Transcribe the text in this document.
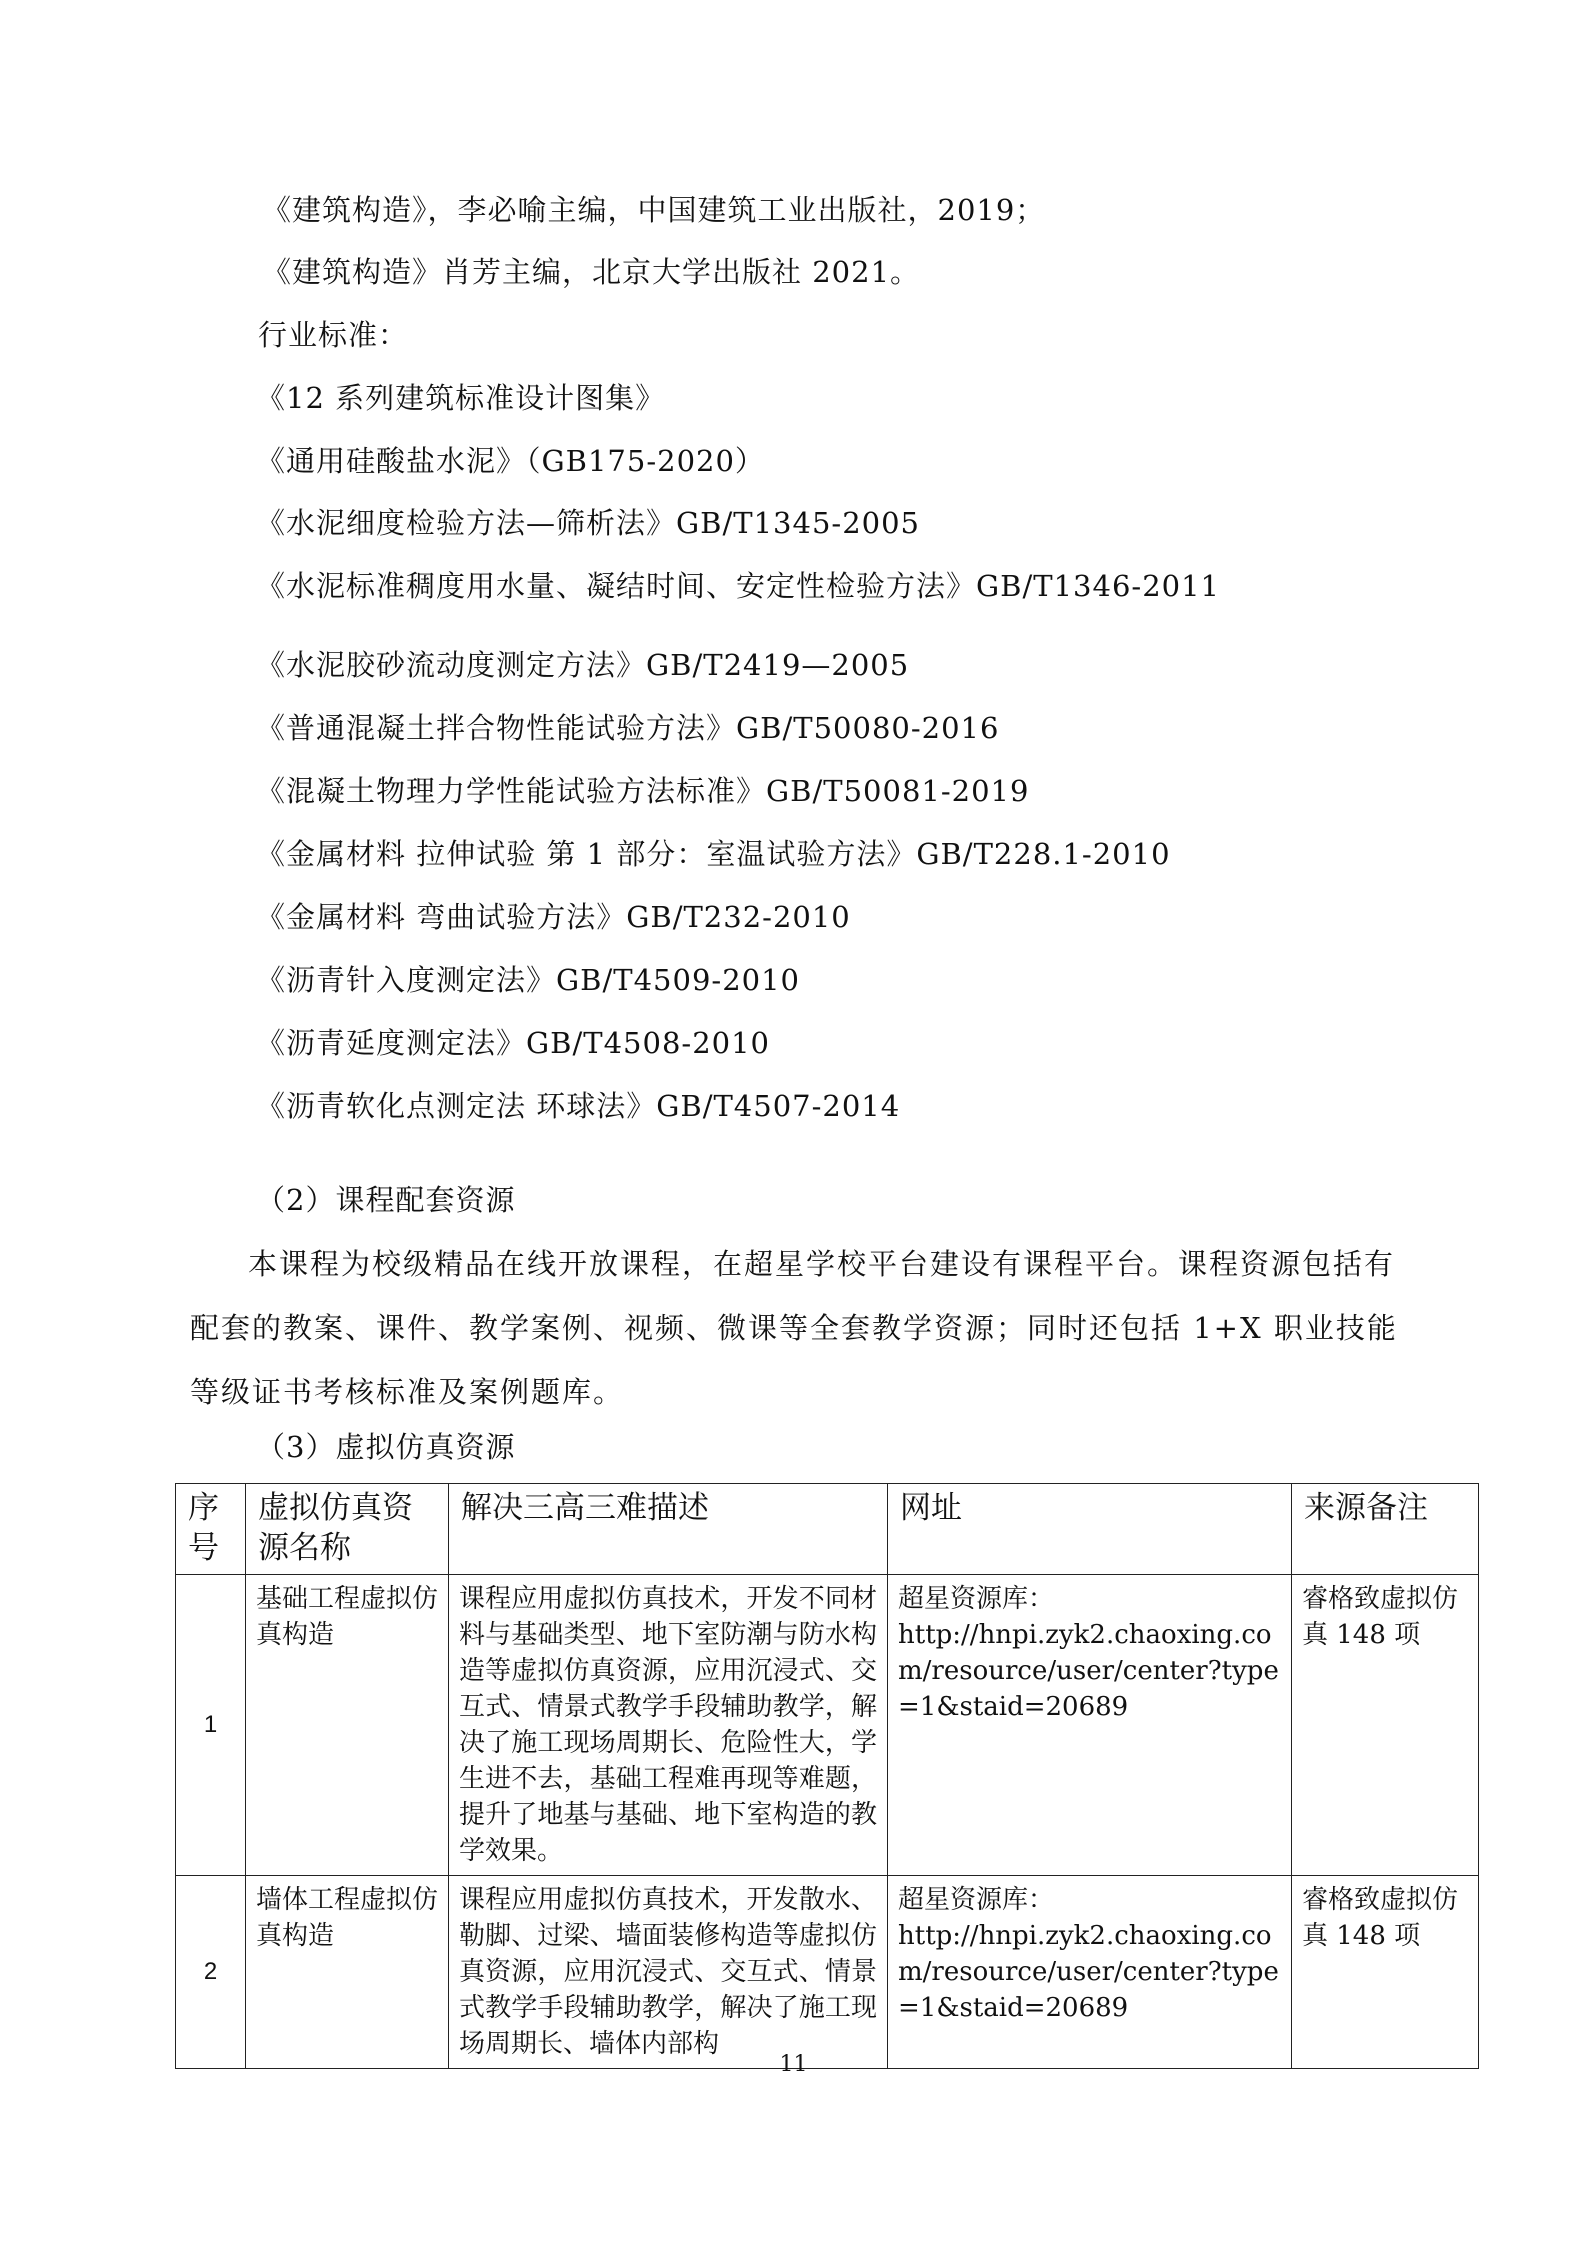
《建筑构造》，李必喻主编，中国建筑工业出版社，2019；
《建筑构造》肖芳主编，北京大学出版社 2021。
行业标准：
《12 系列建筑标准设计图集》
《通用硅酸盐水泥》（GB175-2020）
《水泥细度检验方法—筛析法》GB/T1345-2005
《水泥标准稠度用水量、凝结时间、安定性检验方法》GB/T1346-2011
《水泥胶砂流动度测定方法》GB/T2419—2005
《普通混凝土拌合物性能试验方法》GB/T50080-2016
《混凝土物理力学性能试验方法标准》GB/T50081-2019
《金属材料 拉伸试验 第 1 部分：室温试验方法》GB/T228.1-2010
《金属材料 弯曲试验方法》GB/T232-2010
《沥青针入度测定法》GB/T4509-2010
《沥青延度测定法》GB/T4508-2010
《沥青软化点测定法 环球法》GB/T4507-2014
（2）课程配套资源
本课程为校级精品在线开放课程，在超星学校平台建设有课程平台。课程资源包括有配套的教案、课件、教学案例、视频、微课等全套教学资源；同时还包括 1+X 职业技能等级证书考核标准及案例题库。
（3）虚拟仿真资源
序号	虚拟仿真资源名称	解决三高三难描述	网址	来源备注
1	基础工程虚拟仿真构造	课程应用虚拟仿真技术，开发不同材料与基础类型、地下室防潮与防水构造等虚拟仿真资源，应用沉浸式、交互式、情景式教学手段辅助教学，解决了施工现场周期长、危险性大，学生进不去，基础工程难再现等难题，提升了地基与基础、地下室构造的教学效果。	超星资源库：
http://hnpi.zyk2.chaoxing.com/resource/user/center?type=1&staid=20689	睿格致虚拟仿真 148 项
2	墙体工程虚拟仿真构造	课程应用虚拟仿真技术，开发散水、勒脚、过梁、墙面装修构造等虚拟仿真资源，应用沉浸式、交互式、情景式教学手段辅助教学，解决了施工现场周期长、墙体内部构	超星资源库：
http://hnpi.zyk2.chaoxing.com/resource/user/center?type=1&staid=20689	睿格致虚拟仿真 148 项
11
